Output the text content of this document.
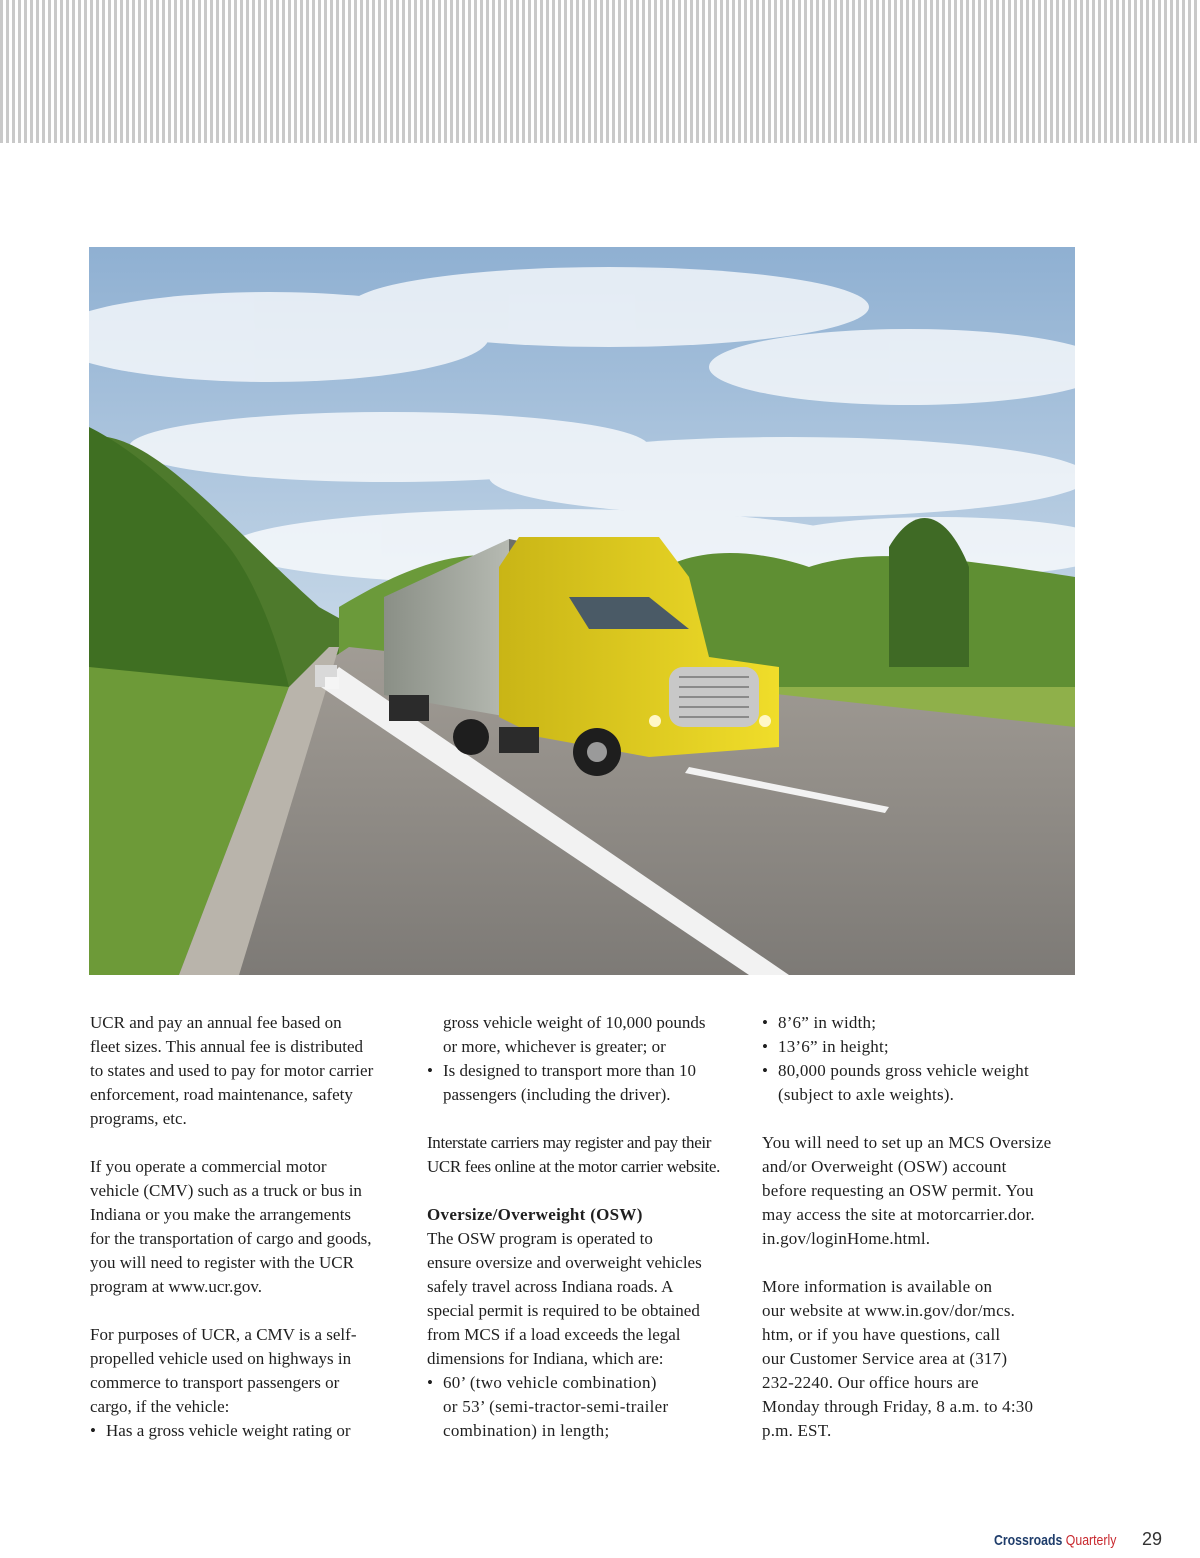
UCR and pay an annual fee based on

fleet sizes. This annual fee is distributed

to states and used to pay for motor carrier

enforcement, road maintenance, safety

programs, etc.

If you operate a commercial motor

vehicle (CMV) such as a truck or bus in

Indiana or you make the arrangements

for the transportation of cargo and goods,

you will need to register with the UCR

program at www.ucr.gov.

For purposes of UCR, a CMV is a self-

propelled vehicle used on highways in

commerce to transport passengers or

cargo, if the vehicle:

• Has a gross vehicle weight rating or

gross vehicle weight of 10,000 pounds

or more, whichever is greater; or

• Is designed to transport more than 10

passengers (including the driver).

Interstate carriers may register and pay their

UCR fees online at the motor carrier website.

Oversize/Overweight (OSW)

The OSW program is operated to

ensure oversize and overweight vehicles

safely travel across Indiana roads. A

special permit is required to be obtained

from MCS if a load exceeds the legal

dimensions for Indiana, which are:

• 60’ (two vehicle combination)

or 53’ (semi-tractor-semi-trailer

combination) in length;

• 8’6” in width;

• 13’6” in height;

• 80,000 pounds gross vehicle weight

(subject to axle weights).

You will need to set up an MCS Oversize

and/or Overweight (OSW) account

before requesting an OSW permit. You

may access the site at motorcarrier.dor.

in.gov/loginHome.html.

More information is available on

our website at www.in.gov/dor/mcs.

htm, or if you have questions, call

our Customer Service area at (317)

232-2240. Our office hours are

Monday through Friday, 8 a.m. to 4:30

p.m. EST.

Crossroads Quarterly 29
